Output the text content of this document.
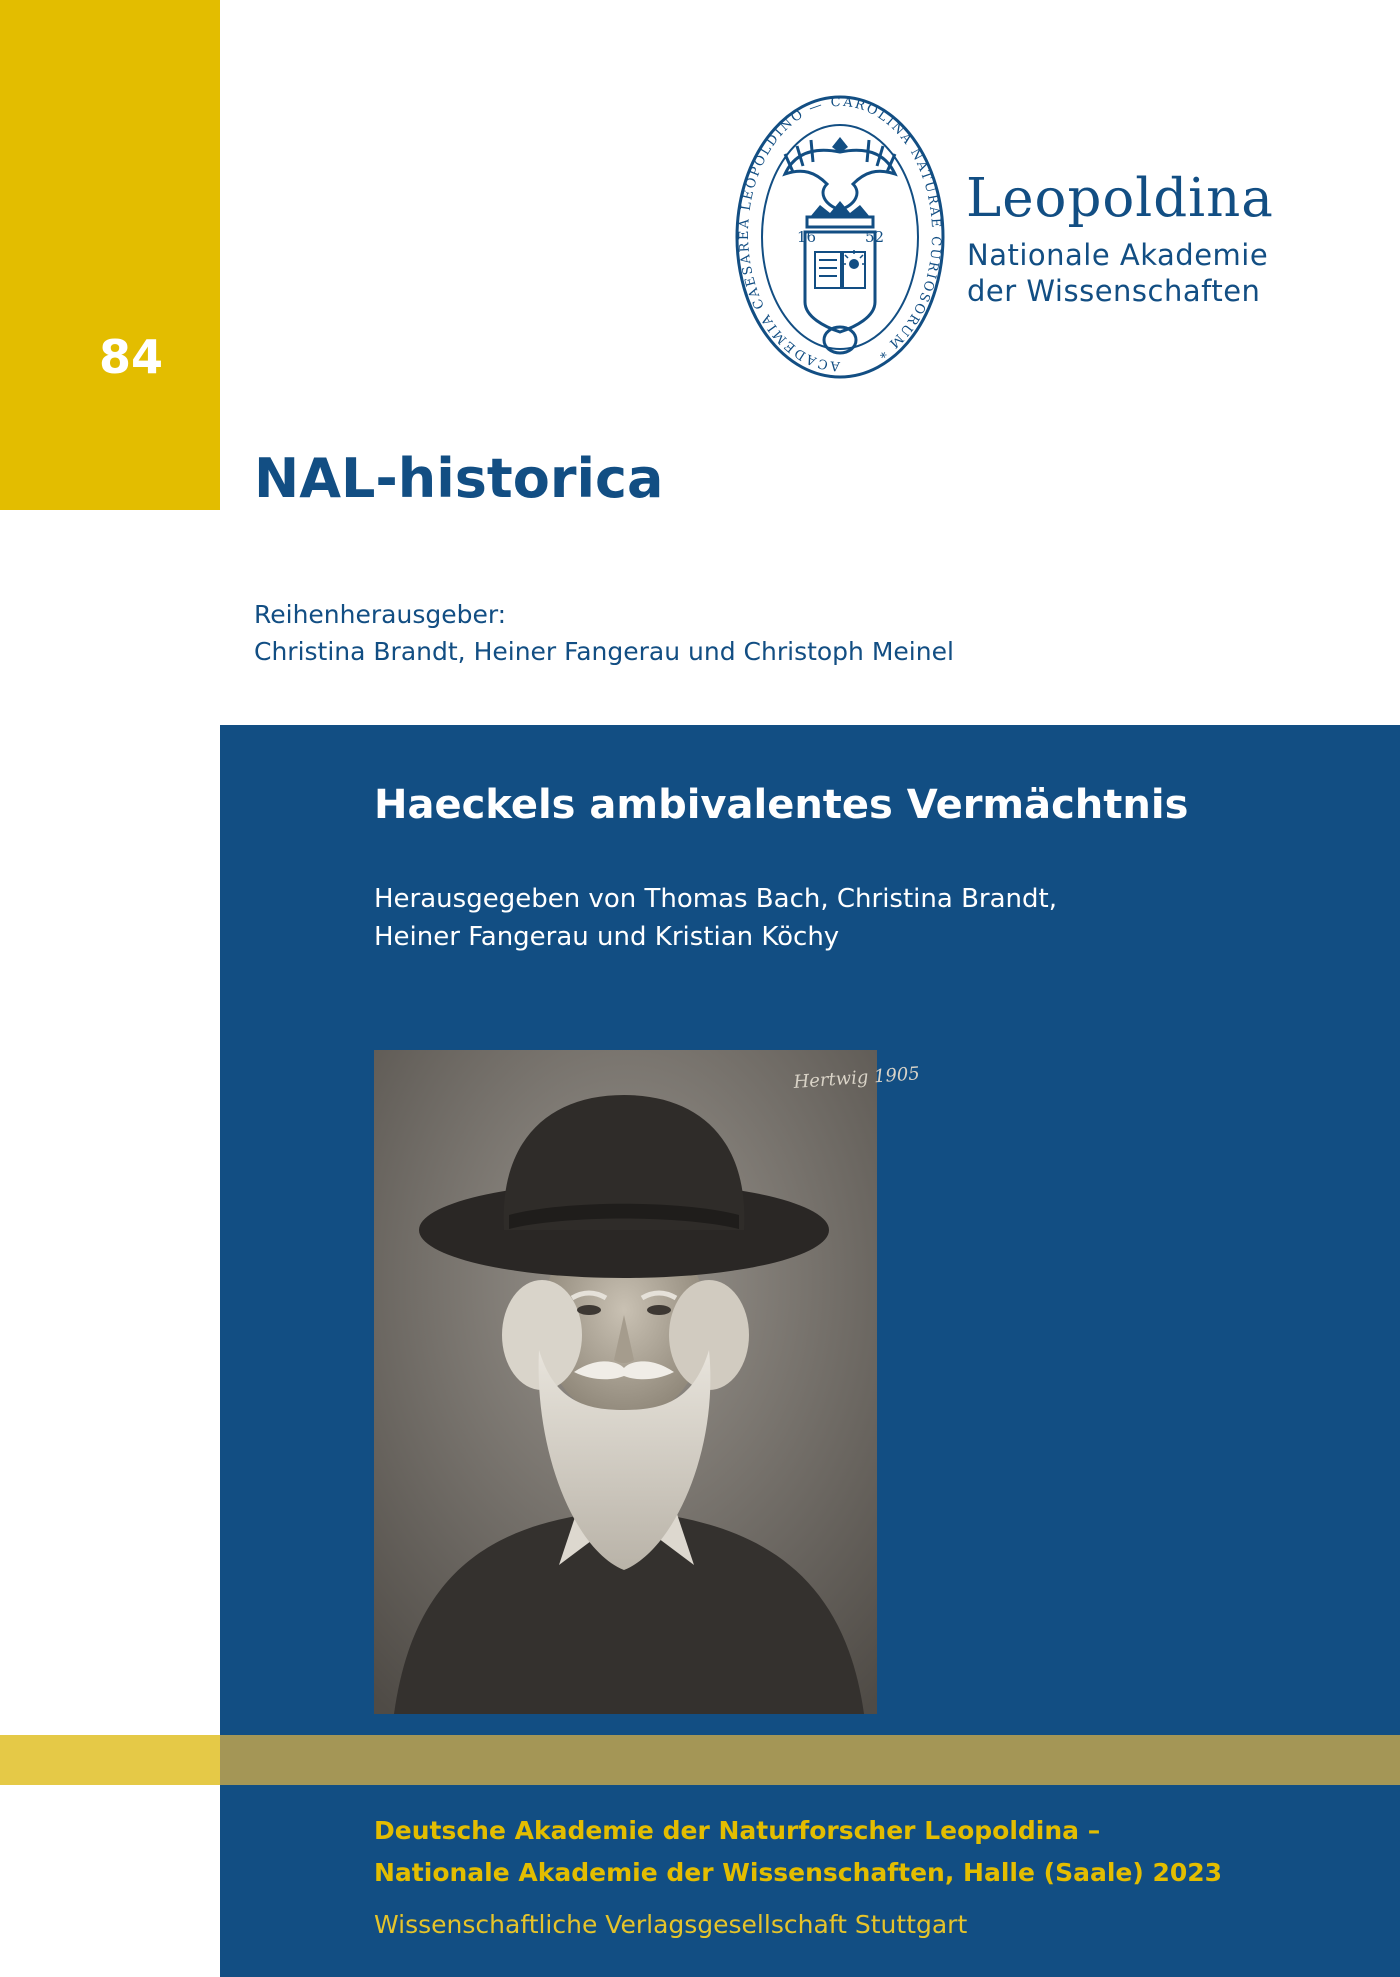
84	ACADEMIA CAESAREA LEOPOLDINO — CAROLINA NATURAE CURIOSORUM *
16	52
Leopoldina
Nationale Akademie
der Wissenschaften
NAL-historica
Reihenherausgeber:
Christina Brandt, Heiner Fangerau und Christoph Meinel
Haeckels ambivalentes Vermächtnis
Herausgegeben von Thomas Bach, Christina Brandt,
Heiner Fangerau und Kristian Köchy
Hertwig 1905
Deutsche Akademie der Naturforscher Leopoldina –
Nationale Akademie der Wissenschaften, Halle (Saale) 2023
Wissenschaftliche Verlagsgesellschaft Stuttgart
